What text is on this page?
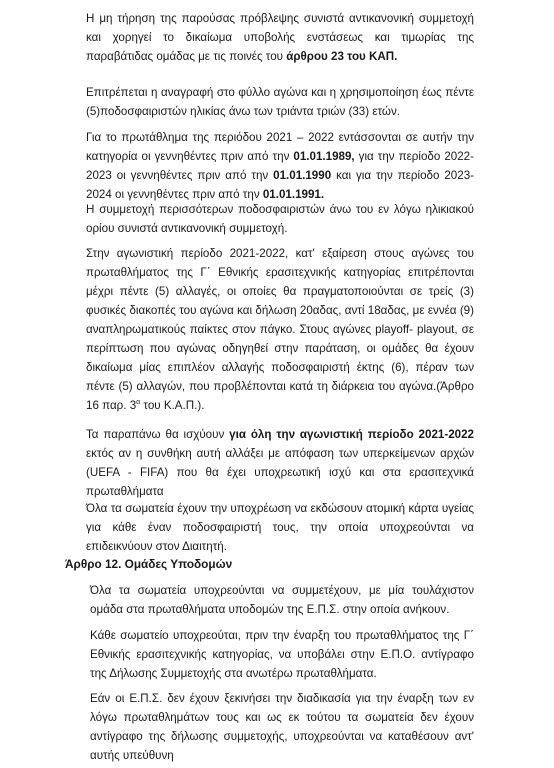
Η μη τήρηση της παρούσας πρόβλεψης συνιστά αντικανονική συμμετοχή και χορηγεί το δικαίωμα υποβολής ενστάσεως και τιμωρίας της παραβάτιδας ομάδας με τις ποινές του άρθρου 23 του ΚΑΠ.

Επιτρέπεται η αναγραφή στο φύλλο αγώνα και η χρησιμοποίηση έως πέντε (5)ποδοσφαιριστών ηλικίας άνω των τριάντα τριών (33) ετών.

Για το πρωτάθλημα της περιόδου 2021 – 2022 εντάσσονται σε αυτήν την κατηγορία οι γεννηθέντες πριν από την 01.01.1989, για την περίοδο 2022-2023 οι γεννηθέντες πριν από την 01.01.1990 και για την περίοδο 2023-2024 οι γεννηθέντες πριν από την 01.01.1991.

Η συμμετοχή περισσότερων ποδοσφαιριστών άνω του εν λόγω ηλικιακού ορίου συνιστά αντικανονική συμμετοχή.

Στην αγωνιστική περίοδο 2021-2022, κατ' εξαίρεση στους αγώνες του πρωταθλήματος της Γ΄ Εθνικής ερασιτεχνικής κατηγορίας επιτρέπονται μέχρι πέντε (5) αλλαγές, οι οποίες θα πραγματοποιούνται σε τρείς (3) φυσικές διακοπές του αγώνα και δήλωση 20αδας, αντί 18αδας, με εννέα (9) αναπληρωματικούς παίκτες στον πάγκο. Στους αγώνες playoff- playout, σε περίπτωση που αγώνας οδηγηθεί στην παράταση, οι ομάδες θα έχουν δικαίωμα μίας επιπλέον αλλαγής ποδοσφαιριστή έκτης (6), πέραν των πέντε (5) αλλαγών, που προβλέπονται κατά τη διάρκεια του αγώνα.(Άρθρο 16 παρ. $3^\alpha$ του Κ.Α.Π.).

Τα παραπάνω θα ισχύουν για όλη την αγωνιστική περίοδο 2021-2022 εκτός αν η συνθήκη αυτή αλλάξει με απόφαση των υπερκείμενων αρχών (UEFA - FIFA) που θα έχει υποχρεωτική ισχύ και στα ερασιτεχνικά πρωταθλήματα

Όλα τα σωματεία έχουν την υποχρέωση να εκδώσουν ατομική κάρτα υγείας για κάθε έναν ποδοσφαιριστή τους, την οποία υποχρεούνται να επιδεικνύουν στον Διαιτητή.

Άρθρο 12. Ομάδες Υποδομών

Όλα τα σωματεία υποχρεούνται να συμμετέχουν, με μία τουλάχιστον ομάδα στα πρωταθλήματα υποδομών της Ε.Π.Σ. στην οποία ανήκουν.

Κάθε σωματείο υποχρεούται, πριν την έναρξη του πρωταθλήματος της Γ΄ Εθνικής ερασιτεχνικής κατηγορίας, να υποβάλει στην Ε.Π.Ο. αντίγραφο της Δήλωσης Συμμετοχής στα ανωτέρω πρωταθλήματα.

Εάν οι Ε.Π.Σ. δεν έχουν ξεκινήσει την διαδικασία για την έναρξη των εν λόγω πρωταθλημάτων τους και ως εκ τούτου τα σωματεία δεν έχουν αντίγραφο της δήλωσης συμμετοχής, υποχρεούνται να καταθέσουν αντ' αυτής υπεύθυνη
